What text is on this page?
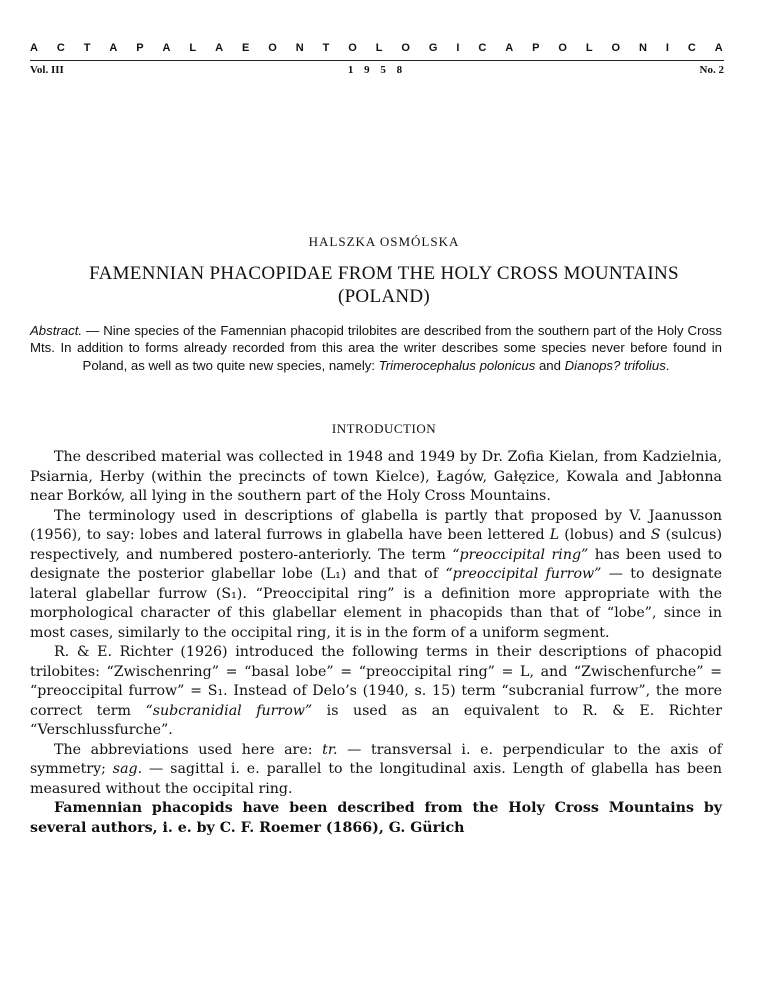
A C T A P A L A E O N T O L O G I C A P O L O N I C A
Vol. III	1 9 5 8	No. 2
HALSZKA OSMÓLSKA
FAMENNIAN PHACOPIDAE FROM THE HOLY CROSS MOUNTAINS
(POLAND)
Abstract. — Nine species of the Famennian phacopid trilobites are described from the southern part of the Holy Cross Mts. In addition to forms already recorded from this area the writer describes some species never before found in Poland, as well as two quite new species, namely: Trimerocephalus polonicus and Dianops? trifolius.
INTRODUCTION

The described material was collected in 1948 and 1949 by Dr. Zofia Kielan, from Kadzielnia, Psiarnia, Herby (within the precincts of town Kielce), Łagów, Gałęzice, Kowala and Jabłonna near Borków, all lying in the southern part of the Holy Cross Mountains.

The terminology used in descriptions of glabella is partly that proposed by V. Jaanusson (1956), to say: lobes and lateral furrows in glabella have been lettered L (lobus) and S (sulcus) respectively, and numbered postero-anteriorly. The term “preoccipital ring” has been used to designate the posterior glabellar lobe (L₁) and that of “preoccipital furrow” — to designate lateral glabellar furrow (S₁). “Preoccipital ring” is a definition more appropriate with the morphological character of this glabellar element in phacopids than that of “lobe”, since in most cases, similarly to the occipital ring, it is in the form of a uniform segment.

R. & E. Richter (1926) introduced the following terms in their descriptions of phacopid trilobites: “Zwischenring” = “basal lobe” = “preoccipital ring” = L, and “Zwischenfurche” = “preoccipital furrow” = S₁. Instead of Delo’s (1940, s. 15) term “subcranial furrow”, the more correct term “subcranidial furrow” is used as an equivalent to R. & E. Richter “Verschlussfurche”.

The abbreviations used here are: tr. — transversal i. e. perpendicular to the axis of symmetry; sag. — sagittal i. e. parallel to the longitudinal axis. Length of glabella has been measured without the occipital ring.

Famennian phacopids have been described from the Holy Cross Mountains by several authors, i. e. by C. F. Roemer (1866), G. Gürich
